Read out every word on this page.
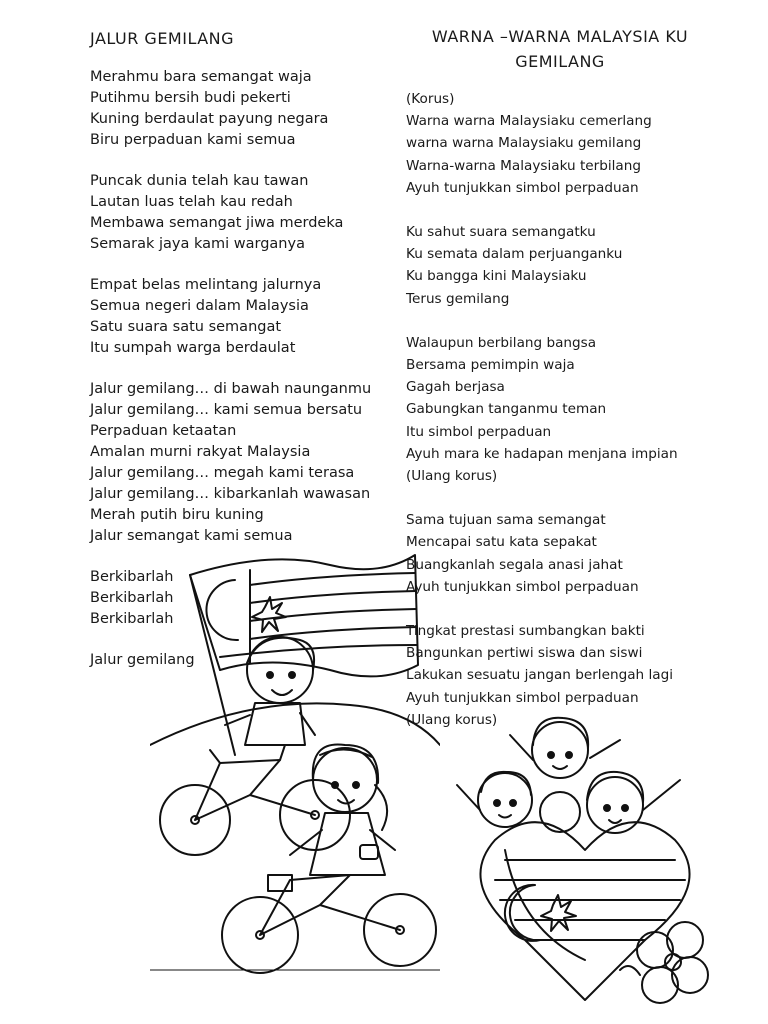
JALUR GEMILANG	WARNA –WARNA MALAYSIA KU
GEMILANG
Merahmu bara semangat waja
Putihmu bersih budi pekerti
Kuning berdaulat payung negara
Biru perpaduan kami semua
Puncak dunia telah kau tawan
Lautan luas telah kau redah
Membawa semangat jiwa merdeka
Semarak jaya kami warganya
Empat belas melintang jalurnya
Semua negeri dalam Malaysia
Satu suara satu semangat
Itu sumpah warga berdaulat
Jalur gemilang… di bawah naunganmu
Jalur gemilang… kami semua bersatu
Perpaduan ketaatan
Amalan murni rakyat Malaysia
Jalur gemilang… megah kami terasa
Jalur gemilang… kibarkanlah wawasan
Merah putih biru kuning
Jalur semangat kami semua
Berkibarlah
Berkibarlah
Berkibarlah
Jalur gemilang
(Korus)
Warna warna Malaysiaku cemerlang
warna warna Malaysiaku gemilang
Warna-warna Malaysiaku terbilang
Ayuh tunjukkan simbol perpaduan
Ku sahut suara semangatku
Ku semata dalam perjuanganku
Ku bangga kini Malaysiaku
Terus gemilang
Walaupun berbilang bangsa
Bersama pemimpin waja
Gagah berjasa
Gabungkan tanganmu teman
Itu simbol perpaduan
Ayuh mara ke hadapan menjana impian
(Ulang korus)
Sama tujuan sama semangat
Mencapai satu kata sepakat
Buangkanlah segala anasi jahat
Ayuh tunjukkan simbol perpaduan
Tingkat prestasi sumbangkan bakti
Bangunkan pertiwi siswa dan siswi
Lakukan sesuatu jangan berlengah lagi
Ayuh tunjukkan simbol perpaduan
(Ulang korus)
